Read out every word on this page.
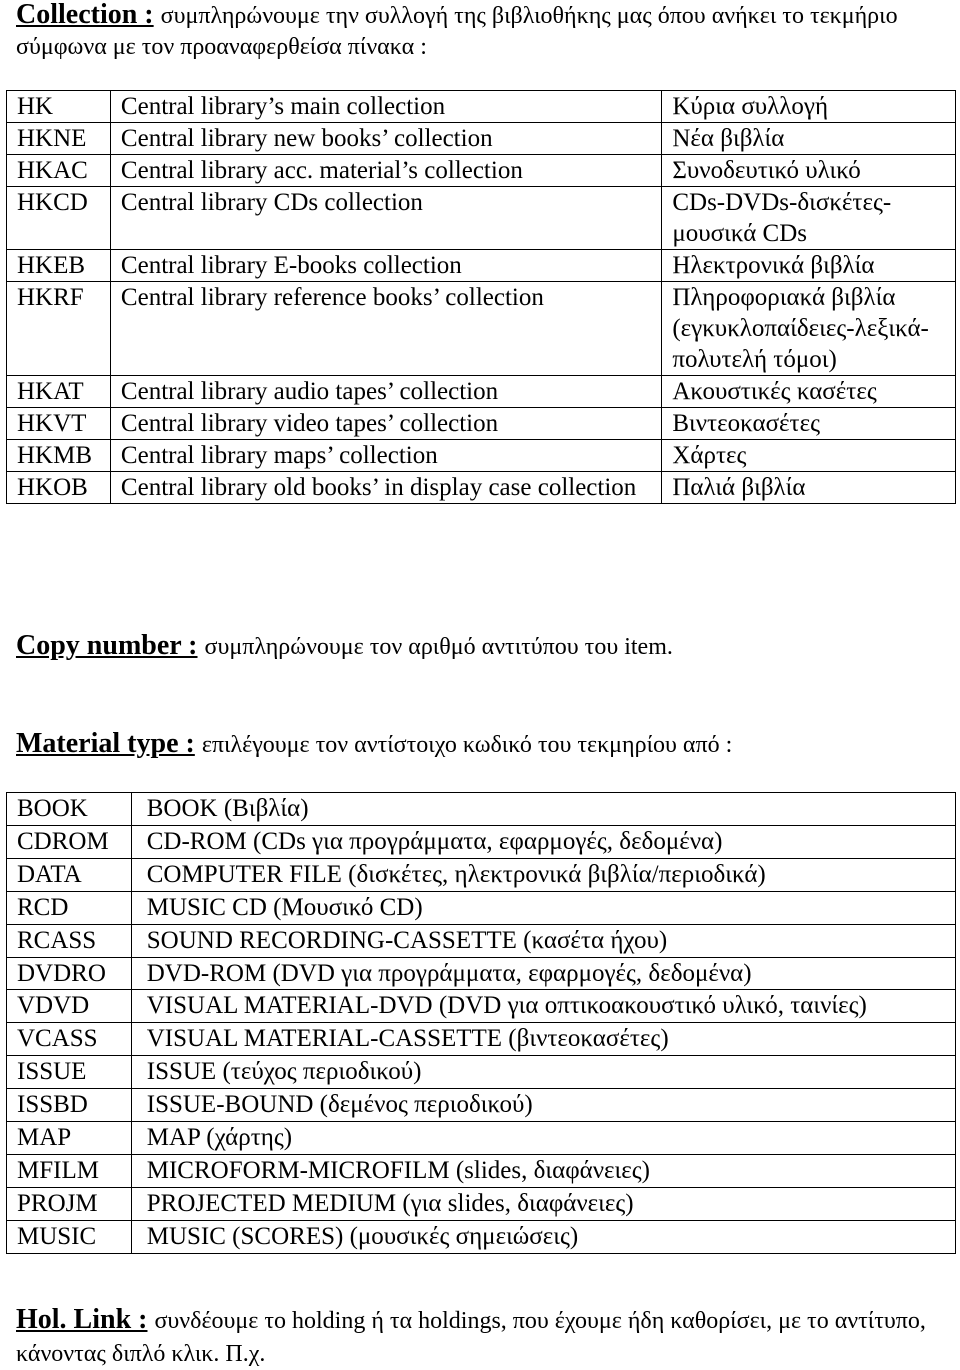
Collection : συμπληρώνουμε την συλλογή της βιβλιοθήκης μας όπου ανήκει το τεκμήριο σύμφωνα με τον προαναφερθείσα πίνακα :
HK	Central library’s main collection	Κύρια συλλογή
HKNE	Central library new books’ collection	Νέα βιβλία
HKAC	Central library acc. material’s collection	Συνοδευτικό υλικό
HKCD	Central library CDs collection	CDs-DVDs-δισκέτες-μουσικά CDs
HKEB	Central library E-books collection	Ηλεκτρονικά βιβλία
HKRF	Central library reference books’ collection	Πληροφοριακά βιβλία (εγκυκλοπαίδειες-λεξικά-πολυτελή τόμοι)
HKAT	Central library audio tapes’ collection	Ακουστικές κασέτες
HKVT	Central library video tapes’ collection	Βιντεοκασέτες
HKMB	Central library maps’ collection	Χάρτες
HKOB	Central library old books’ in display case collection	Παλιά βιβλία
Copy number : συμπληρώνουμε τον αριθμό αντιτύπου του item.
Material type : επιλέγουμε τον αντίστοιχο κωδικό του τεκμηρίου από :
BOOK	BOOK (Βιβλία)
CDROM	CD-ROM (CDs για προγράμματα, εφαρμογές, δεδομένα)
DATA	COMPUTER FILE (δισκέτες, ηλεκτρονικά βιβλία/περιοδικά)
RCD	MUSIC CD (Μουσικό CD)
RCASS	SOUND RECORDING-CASSETTE (κασέτα ήχου)
DVDRO	DVD-ROM (DVD για προγράμματα, εφαρμογές, δεδομένα)
VDVD	VISUAL MATERIAL-DVD (DVD για οπτικοακουστικό υλικό, ταινίες)
VCASS	VISUAL MATERIAL-CASSETTE (βιντεοκασέτες)
ISSUE	ISSUE (τεύχος περιοδικού)
ISSBD	ISSUE-BOUND (δεμένος περιοδικού)
MAP	MAP (χάρτης)
MFILM	MICROFORM-MICROFILM (slides, διαφάνειες)
PROJM	PROJECTED MEDIUM (για slides, διαφάνειες)
MUSIC	MUSIC (SCORES) (μουσικές σημειώσεις)
Hol. Link : συνδέουμε το holding ή τα holdings, που έχουμε ήδη καθορίσει, με το αντίτυπο, κάνοντας διπλό κλικ. Π.χ.
